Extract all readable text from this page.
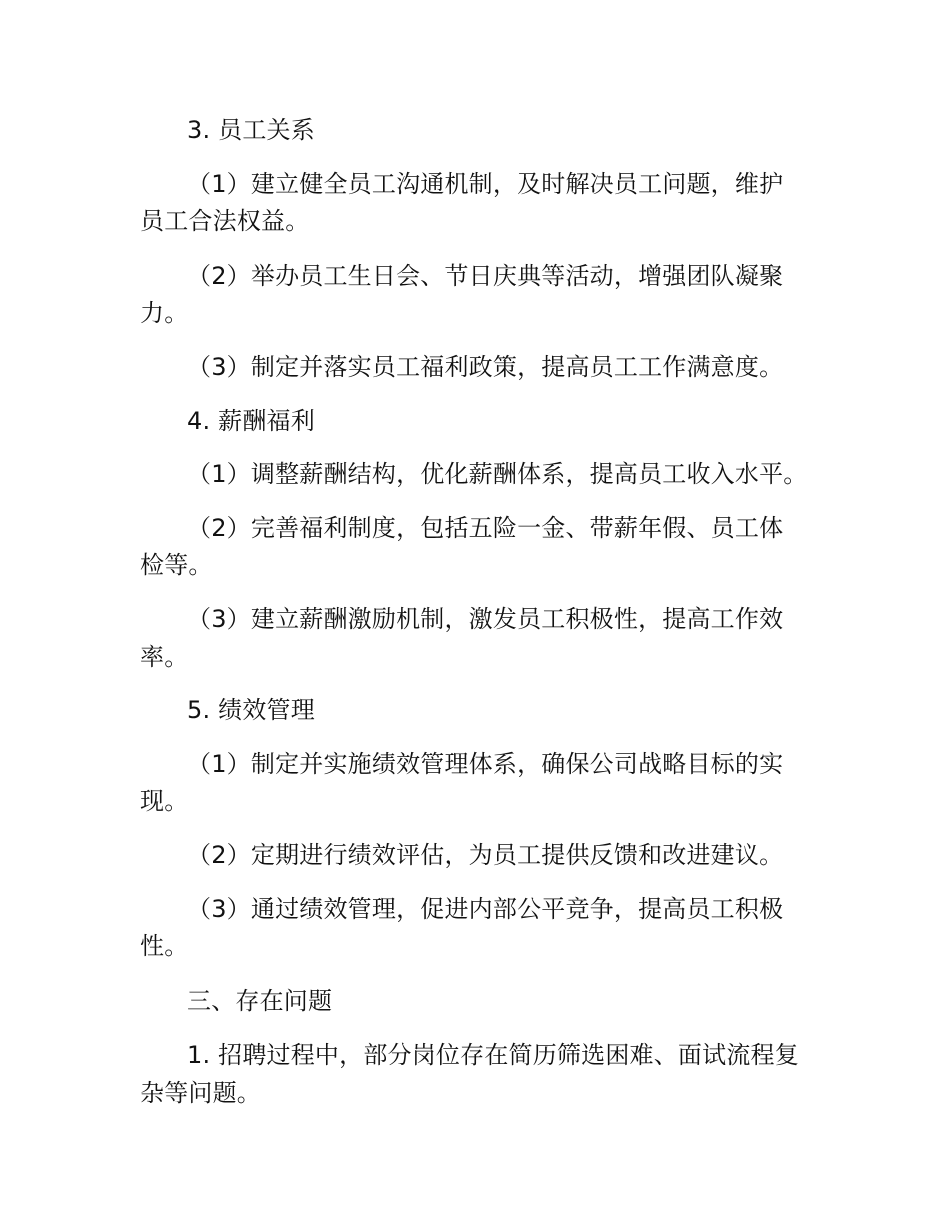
3. 员工关系

（1）建立健全员工沟通机制，及时解决员工问题，维护

员工合法权益。

（2）举办员工生日会、节日庆典等活动，增强团队凝聚

力。

（3）制定并落实员工福利政策，提高员工工作满意度。

4. 薪酬福利

（1）调整薪酬结构，优化薪酬体系，提高员工收入水平。

（2）完善福利制度，包括五险一金、带薪年假、员工体

检等。

（3）建立薪酬激励机制，激发员工积极性，提高工作效

率。

5. 绩效管理

（1）制定并实施绩效管理体系，确保公司战略目标的实

现。

（2）定期进行绩效评估，为员工提供反馈和改进建议。

（3）通过绩效管理，促进内部公平竞争，提高员工积极

性。

三、存在问题

1. 招聘过程中，部分岗位存在简历筛选困难、面试流程复

杂等问题。
